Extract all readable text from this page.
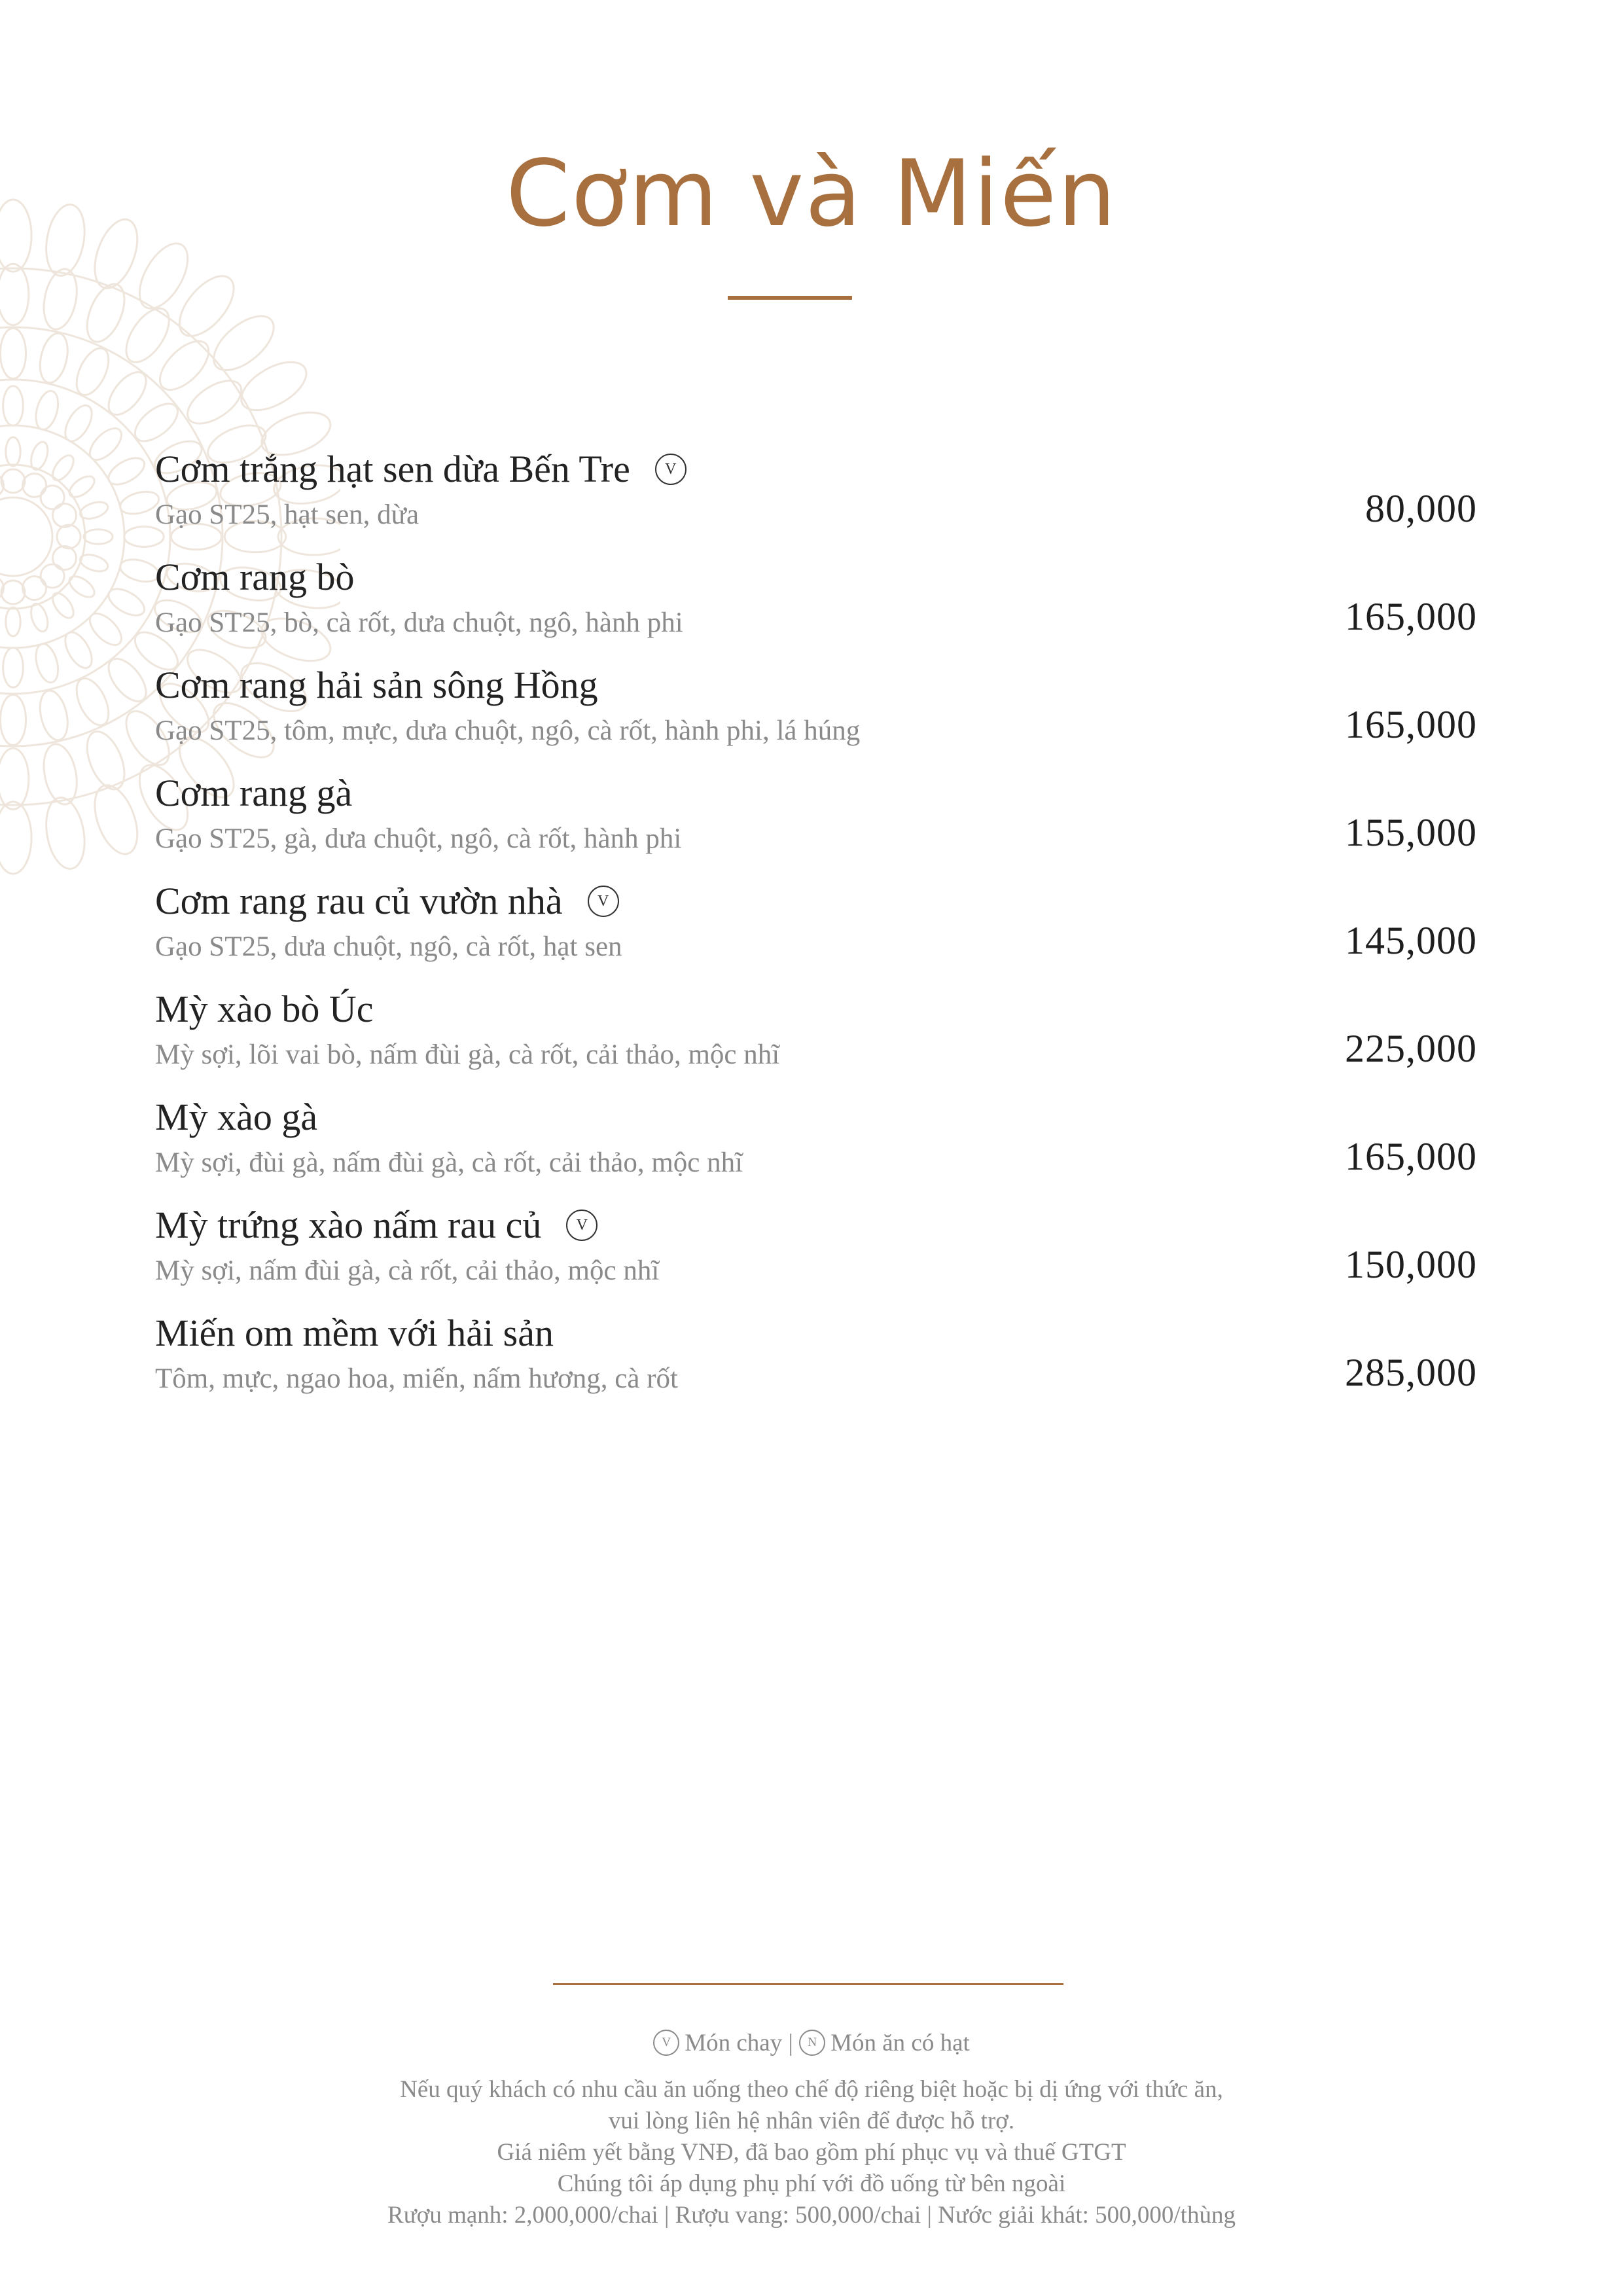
Cơm và Miến
Cơm trắng hạt sen dừa Bến Tre V
Gạo ST25, hạt sen, dừa	80,000
Cơm rang bò
Gạo ST25, bò, cà rốt, dưa chuột, ngô, hành phi	165,000
Cơm rang hải sản sông Hồng
Gạo ST25, tôm, mực, dưa chuột, ngô, cà rốt, hành phi, lá húng	165,000
Cơm rang gà
Gạo ST25, gà, dưa chuột, ngô, cà rốt, hành phi	155,000
Cơm rang rau củ vườn nhà V
Gạo ST25, dưa chuột, ngô, cà rốt, hạt sen	145,000
Mỳ xào bò Úc
Mỳ sợi, lõi vai bò, nấm đùi gà, cà rốt, cải thảo, mộc nhĩ	225,000
Mỳ xào gà
Mỳ sợi, đùi gà, nấm đùi gà, cà rốt, cải thảo, mộc nhĩ	165,000
Mỳ trứng xào nấm rau củ V
Mỳ sợi, nấm đùi gà, cà rốt, cải thảo, mộc nhĩ	150,000
Miến om mềm với hải sản
Tôm, mực, ngao hoa, miến, nấm hương, cà rốt	285,000
V Món chay | N Món ăn có hạt
Nếu quý khách có nhu cầu ăn uống theo chế độ riêng biệt hoặc bị dị ứng với thức ăn,
vui lòng liên hệ nhân viên để được hỗ trợ.
Giá niêm yết bằng VNĐ, đã bao gồm phí phục vụ và thuế GTGT
Chúng tôi áp dụng phụ phí với đồ uống từ bên ngoài
Rượu mạnh: 2,000,000/chai | Rượu vang: 500,000/chai | Nước giải khát: 500,000/thùng
